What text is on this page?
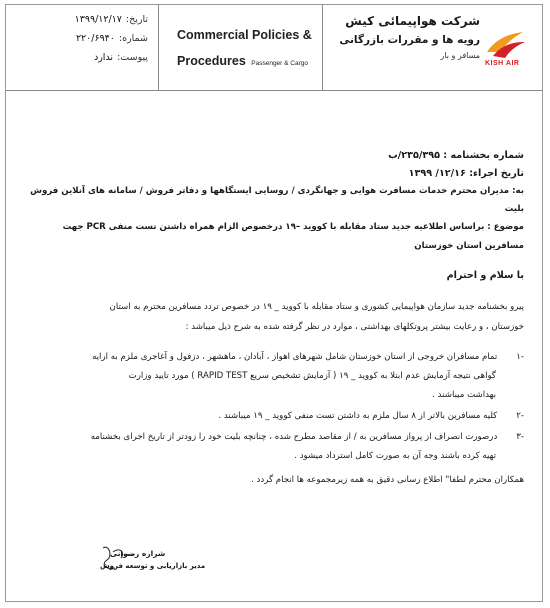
تاریخ:
۱۳۹۹/۱۲/۱۷
شماره:
۲۲۰/۶۹۴۰
پیوست:
ندارد
Commercial Policies &
Procedures Passenger & Cargo
شرکت هواپیمائی کیش
رویه ها و مقررات بازرگانی
مسافر و بار
KISH AIR
شماره بخشنامه : ۲۳۵/۳۹۵/ب
تاریخ اجراء: ۱۲/۱۶/ ۱۳۹۹
به: مدیران محترم خدمات مسافرت هوایی و جهانگردی / روسایی ایستگاهها و دفاتر فروش / سامانه های آنلاین فروش
بلیت
موضوع : براساس اطلاعیه جدید ستاد مقابله با کووید –۱۹ درخصوص الزام همراه داشتن تست منفی PCR جهت
مسافرین استان خوزستان
با سلام و احترام
پیرو بخشنامه جدید سازمان هواپیمایی کشوری و ستاد مقابله با کووید _ ۱۹ در خصوص تردد مسافرین محترم به استان
خوزستان ، و رعایت بیشتر پروتکلهای بهداشتی ، موارد در نظر گرفته شده به شرح ذیل میباشد :
-۱ تمام مسافران خروجی از استان خوزستان شامل شهرهای اهواز ، آبادان ، ماهشهر ، دزفول و آغاجری ملزم به ارایه
گواهی نتیجه آزمایش عدم ابتلا به کووید _ ۱۹ ( آزمایش تشخیص سریع RAPID TEST ) مورد تایید وزارت
بهداشت میباشند .
-۲ کلیه مسافرین بالاتر از ۸ سال ملزم به داشتن تست منفی کووید _ ۱۹ میباشند .
-۳ درصورت انصراف از پرواز مسافرین به / از مقاصد مطرح شده ، چنانچه بلیت خود را زودتر از تاریخ اجرای بخشنامه
تهیه کرده باشند وجه آن به صورت کامل استرداد میشود .
همکاران محترم لطفا" اطلاع رسانی دقیق به همه زیرمجموعه ها انجام گردد .
شراره رضوانی
مدیر بازاریابی و توسعه فروش
